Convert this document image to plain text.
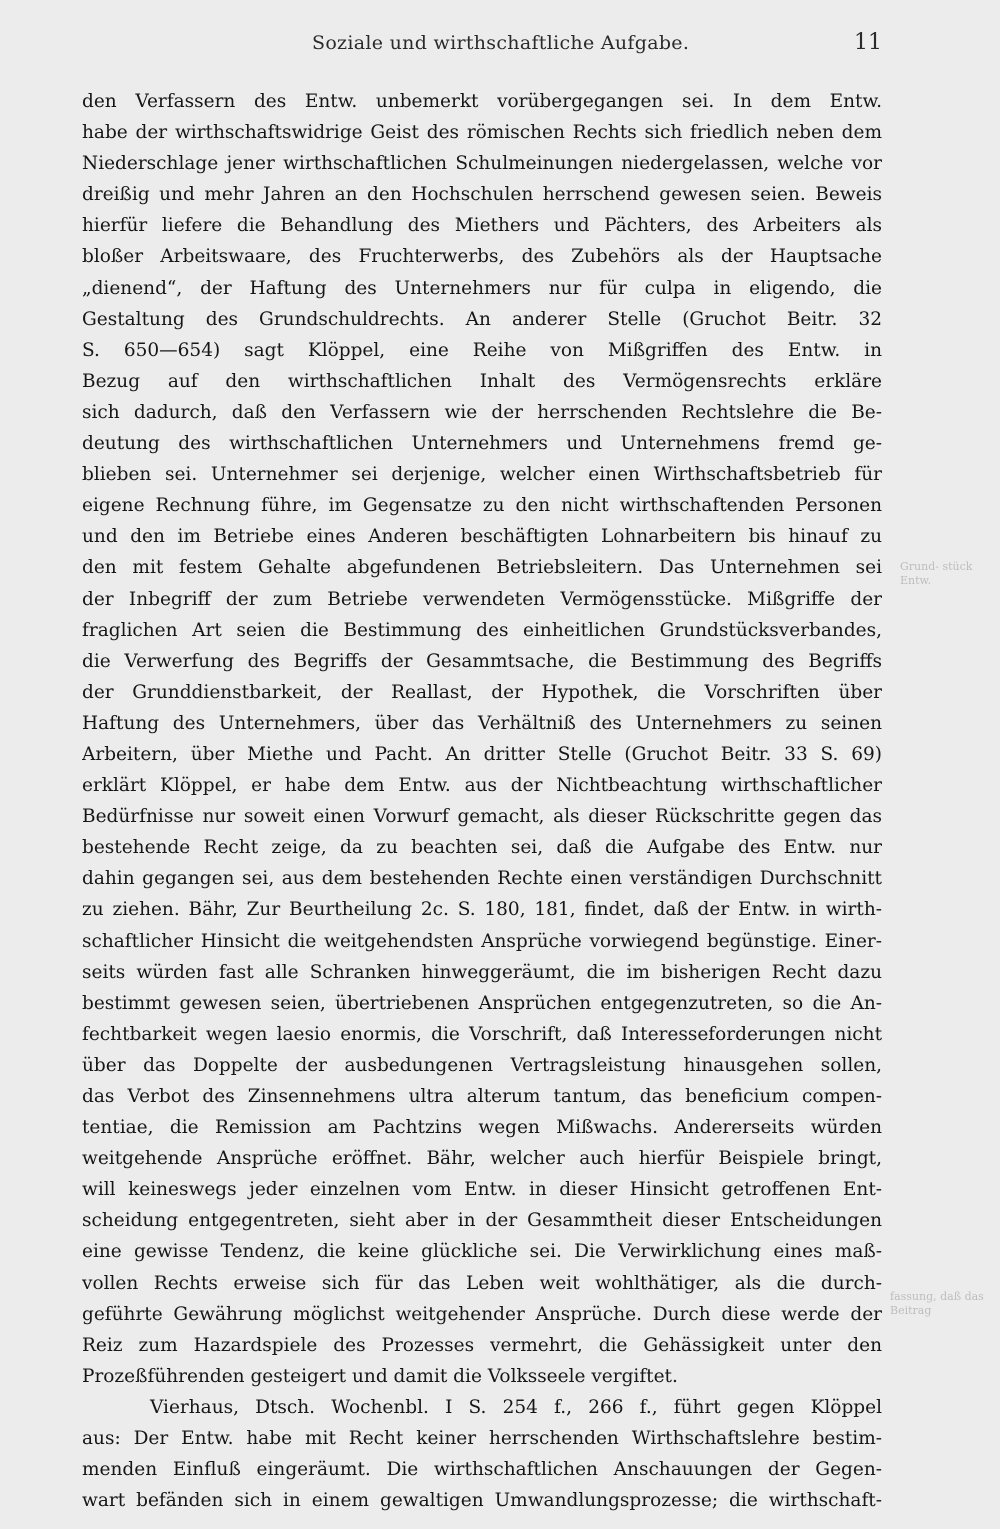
Soziale und wirthschaftliche Aufgabe.	11
den Verfassern des Entw. unbemerkt vorübergegangen sei. In dem Entw.
habe der wirthschaftswidrige Geist des römischen Rechts sich friedlich neben dem
Niederschlage jener wirthschaftlichen Schulmeinungen niedergelassen, welche vor
dreißig und mehr Jahren an den Hochschulen herrschend gewesen seien. Beweis
hierfür liefere die Behandlung des Miethers und Pächters, des Arbeiters als
bloßer Arbeitswaare, des Fruchterwerbs, des Zubehörs als der Hauptsache
„dienend“, der Haftung des Unternehmers nur für culpa in eligendo, die
Gestaltung des Grundschuldrechts. An anderer Stelle (Gruchot Beitr. 32
S. 650—654) sagt Klöppel, eine Reihe von Mißgriffen des Entw. in
Bezug auf den wirthschaftlichen Inhalt des Vermögensrechts erkläre
sich dadurch, daß den Verfassern wie der herrschenden Rechtslehre die Be-
deutung des wirthschaftlichen Unternehmers und Unternehmens fremd ge-
blieben sei. Unternehmer sei derjenige, welcher einen Wirthschaftsbetrieb für
eigene Rechnung führe, im Gegensatze zu den nicht wirthschaftenden Personen
und den im Betriebe eines Anderen beschäftigten Lohnarbeitern bis hinauf zu
den mit festem Gehalte abgefundenen Betriebsleitern. Das Unternehmen sei
der Inbegriff der zum Betriebe verwendeten Vermögensstücke. Mißgriffe der
fraglichen Art seien die Bestimmung des einheitlichen Grundstücksverbandes,
die Verwerfung des Begriffs der Gesammtsache, die Bestimmung des Begriffs
der Grunddienstbarkeit, der Reallast, der Hypothek, die Vorschriften über
Haftung des Unternehmers, über das Verhältniß des Unternehmers zu seinen
Arbeitern, über Miethe und Pacht. An dritter Stelle (Gruchot Beitr. 33 S. 69)
erklärt Klöppel, er habe dem Entw. aus der Nichtbeachtung wirthschaftlicher
Bedürfnisse nur soweit einen Vorwurf gemacht, als dieser Rückschritte gegen das
bestehende Recht zeige, da zu beachten sei, daß die Aufgabe des Entw. nur
dahin gegangen sei, aus dem bestehenden Rechte einen verständigen Durchschnitt
zu ziehen. Bähr, Zur Beurtheilung 2c. S. 180, 181, findet, daß der Entw. in wirth-
schaftlicher Hinsicht die weitgehendsten Ansprüche vorwiegend begünstige. Einer-
seits würden fast alle Schranken hinweggeräumt, die im bisherigen Recht dazu
bestimmt gewesen seien, übertriebenen Ansprüchen entgegenzutreten, so die An-
fechtbarkeit wegen laesio enormis, die Vorschrift, daß Interesseforderungen nicht
über das Doppelte der ausbedungenen Vertragsleistung hinausgehen sollen,
das Verbot des Zinsennehmens ultra alterum tantum, das beneficium compen-
tentiae, die Remission am Pachtzins wegen Mißwachs. Andererseits würden
weitgehende Ansprüche eröffnet. Bähr, welcher auch hierfür Beispiele bringt,
will keineswegs jeder einzelnen vom Entw. in dieser Hinsicht getroffenen Ent-
scheidung entgegentreten, sieht aber in der Gesammtheit dieser Entscheidungen
eine gewisse Tendenz, die keine glückliche sei. Die Verwirklichung eines maß-
vollen Rechts erweise sich für das Leben weit wohlthätiger, als die durch-
geführte Gewährung möglichst weitgehender Ansprüche. Durch diese werde der
Reiz zum Hazardspiele des Prozesses vermehrt, die Gehässigkeit unter den
Prozeßführenden gesteigert und damit die Volksseele vergiftet.
Vierhaus, Dtsch. Wochenbl. I S. 254 f., 266 f., führt gegen Klöppel
aus: Der Entw. habe mit Recht keiner herrschenden Wirthschaftslehre bestim-
menden Einfluß eingeräumt. Die wirthschaftlichen Anschauungen der Gegen-
wart befänden sich in einem gewaltigen Umwandlungsprozesse; die wirthschaft-
Grund- stück Entw.
fassung, daß das Beitrag
